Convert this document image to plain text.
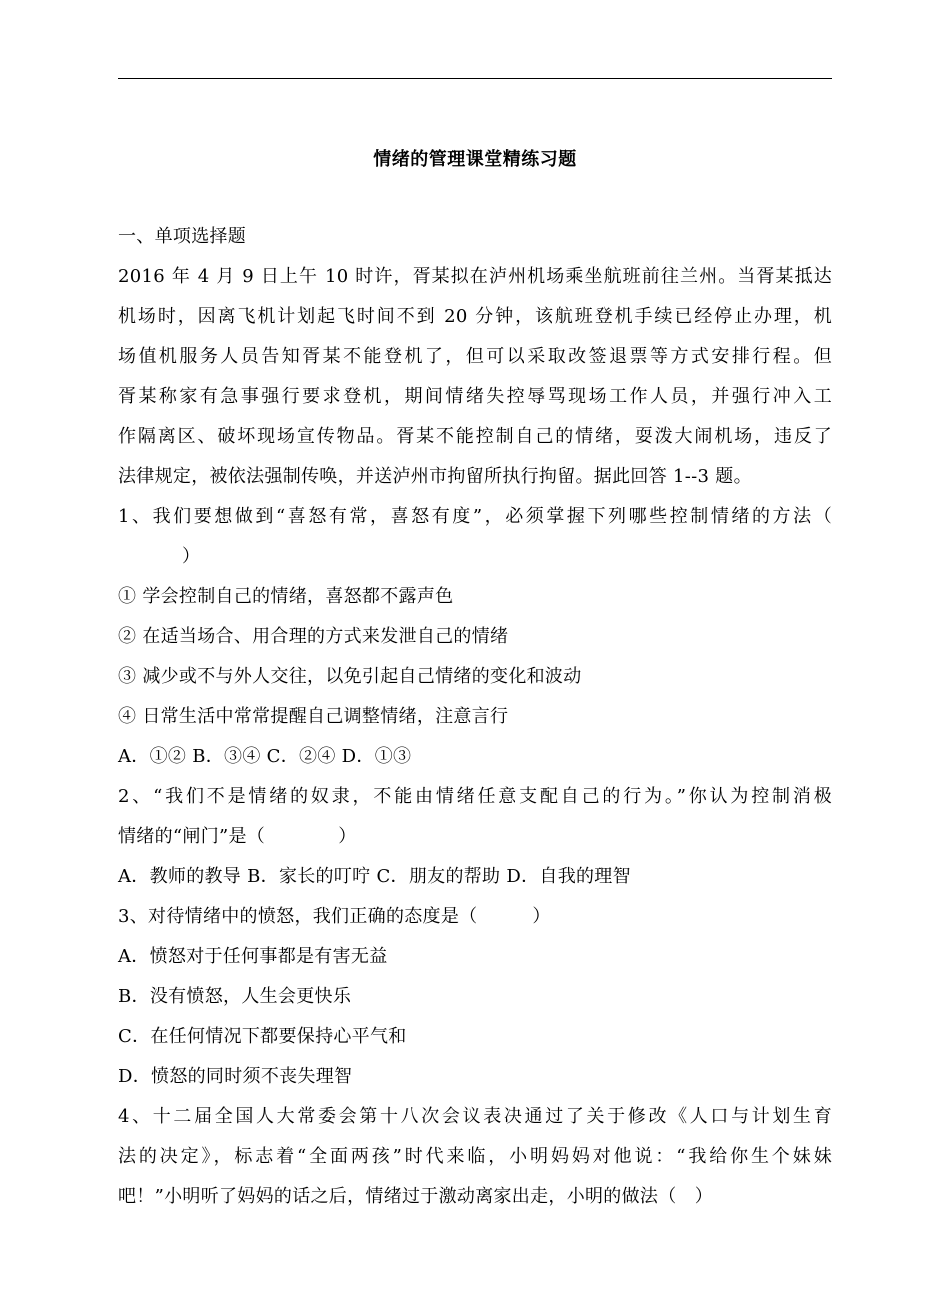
情绪的管理课堂精练习题
一、单项选择题
2016 年 4 月 9 日上午 10 时许，胥某拟在泸州机场乘坐航班前往兰州。当胥某抵达
机场时，因离飞机计划起飞时间不到 20 分钟，该航班登机手续已经停止办理，机
场值机服务人员告知胥某不能登机了，但可以采取改签退票等方式安排行程。但
胥某称家有急事强行要求登机，期间情绪失控辱骂现场工作人员，并强行冲入工
作隔离区、破坏现场宣传物品。胥某不能控制自己的情绪，耍泼大闹机场，违反了
法律规定，被依法强制传唤，并送泸州市拘留所执行拘留。据此回答 1--3 题。
1、我们要想做到“喜怒有常，喜怒有度”，必须掌握下列哪些控制情绪的方法（
）
① 学会控制自己的情绪，喜怒都不露声色
② 在适当场合、用合理的方式来发泄自己的情绪
③ 减少或不与外人交往，以免引起自己情绪的变化和波动
④ 日常生活中常常提醒自己调整情绪，注意言行
A．①② B．③④ C．②④ D．①③
2、“我们不是情绪的奴隶，不能由情绪任意支配自己的行为。”你认为控制消极
情绪的“闸门”是（　　　　）
A．教师的教导 B．家长的叮咛 C．朋友的帮助 D．自我的理智
3、对待情绪中的愤怒，我们正确的态度是（　　　）
A．愤怒对于任何事都是有害无益
B．没有愤怒，人生会更快乐
C．在任何情况下都要保持心平气和
D．愤怒的同时须不丧失理智
4、十二届全国人大常委会第十八次会议表决通过了关于修改《人口与计划生育
法的决定》，标志着“全面两孩”时代来临，小明妈妈对他说：“我给你生个妹妹
吧！”小明听了妈妈的话之后，情绪过于激动离家出走，小明的做法（　）
